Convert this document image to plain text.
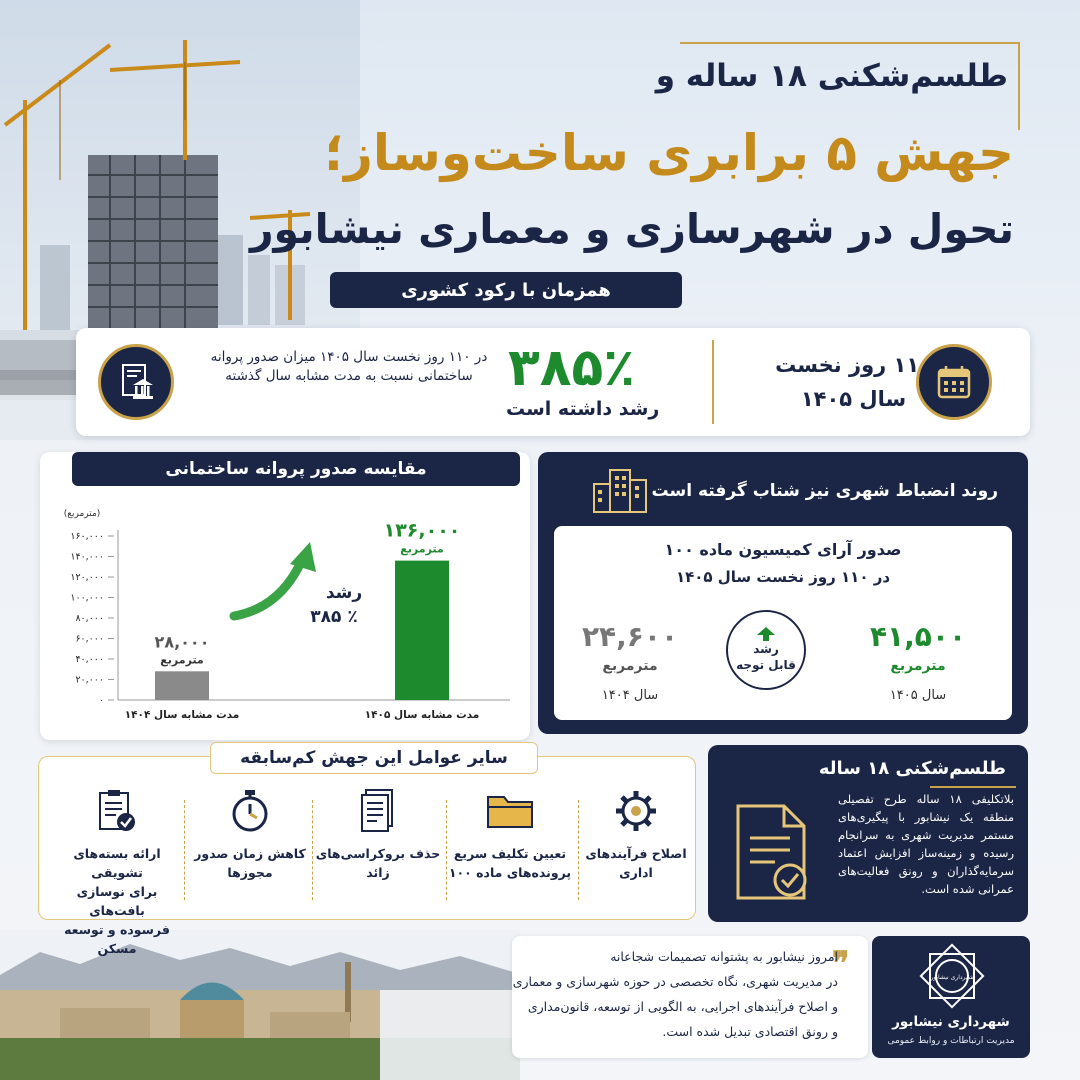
طلسم‌شکنی ۱۸ ساله و
جهش ۵ برابری ساخت‌وساز؛
تحول در شهرسازی و معماری نیشابور
همزمان با رکود کشوری
۱۱۰ روز نخست
سال ۱۴۰۵
۳۸۵٪
رشد داشته است
در ۱۱۰ روز نخست سال ۱۴۰۵ میزان صدور پروانه ساختمانی نسبت به مدت مشابه سال گذشته
مقایسه صدور پروانه ساختمانی
(مترمربع)
۰
۲۰,۰۰۰
۴۰,۰۰۰
۶۰,۰۰۰
۸۰,۰۰۰
۱۰۰,۰۰۰
۱۲۰,۰۰۰
۱۴۰,۰۰۰
۱۶۰,۰۰۰
۲۸,۰۰۰
مترمربع
مدت مشابه سال ۱۴۰۴
۱۳۶,۰۰۰
مترمربع
مدت مشابه سال ۱۴۰۵
رشد
۳۸۵ ٪
روند انضباط شهری نیز شتاب گرفته است
صدور آرای کمیسیون ماده ۱۰۰
در ۱۱۰ روز نخست سال ۱۴۰۵
۴۱,۵۰۰
مترمربع
سال ۱۴۰۵
۲۴,۶۰۰
مترمربع
سال ۱۴۰۴
رشد
قابل توجه
سایر عوامل این جهش کم‌سابقه
اصلاح فرآیندهای
اداری
تعیین تکلیف سریع
پرونده‌های ماده ۱۰۰
حذف بروکراسی‌های
زائد
کاهش زمان صدور
مجوزها
ارائه بسته‌های تشویقی
برای نوسازی بافت‌های
فرسوده و توسعه مسکن
طلسم‌شکنی ۱۸ ساله
بلاتکلیفی ۱۸ ساله طرح تفصیلی منطقه یک نیشابور با پیگیری‌های مستمر مدیریت شهری به سرانجام رسیده و زمینه‌ساز افزایش اعتماد سرمایه‌گذاران و رونق فعالیت‌های عمرانی شده است.
❞
امروز نیشابور به پشتوانه تصمیمات شجاعانه
در مدیریت شهری، نگاه تخصصی در حوزه شهرسازی و معماری
و اصلاح فرآیندهای اجرایی، به الگویی از توسعه، قانون‌مداری
و رونق اقتصادی تبدیل شده است.
شهرداری نیشابور
شهرداری نیشابور
مدیریت ارتباطات و روابط عمومی
